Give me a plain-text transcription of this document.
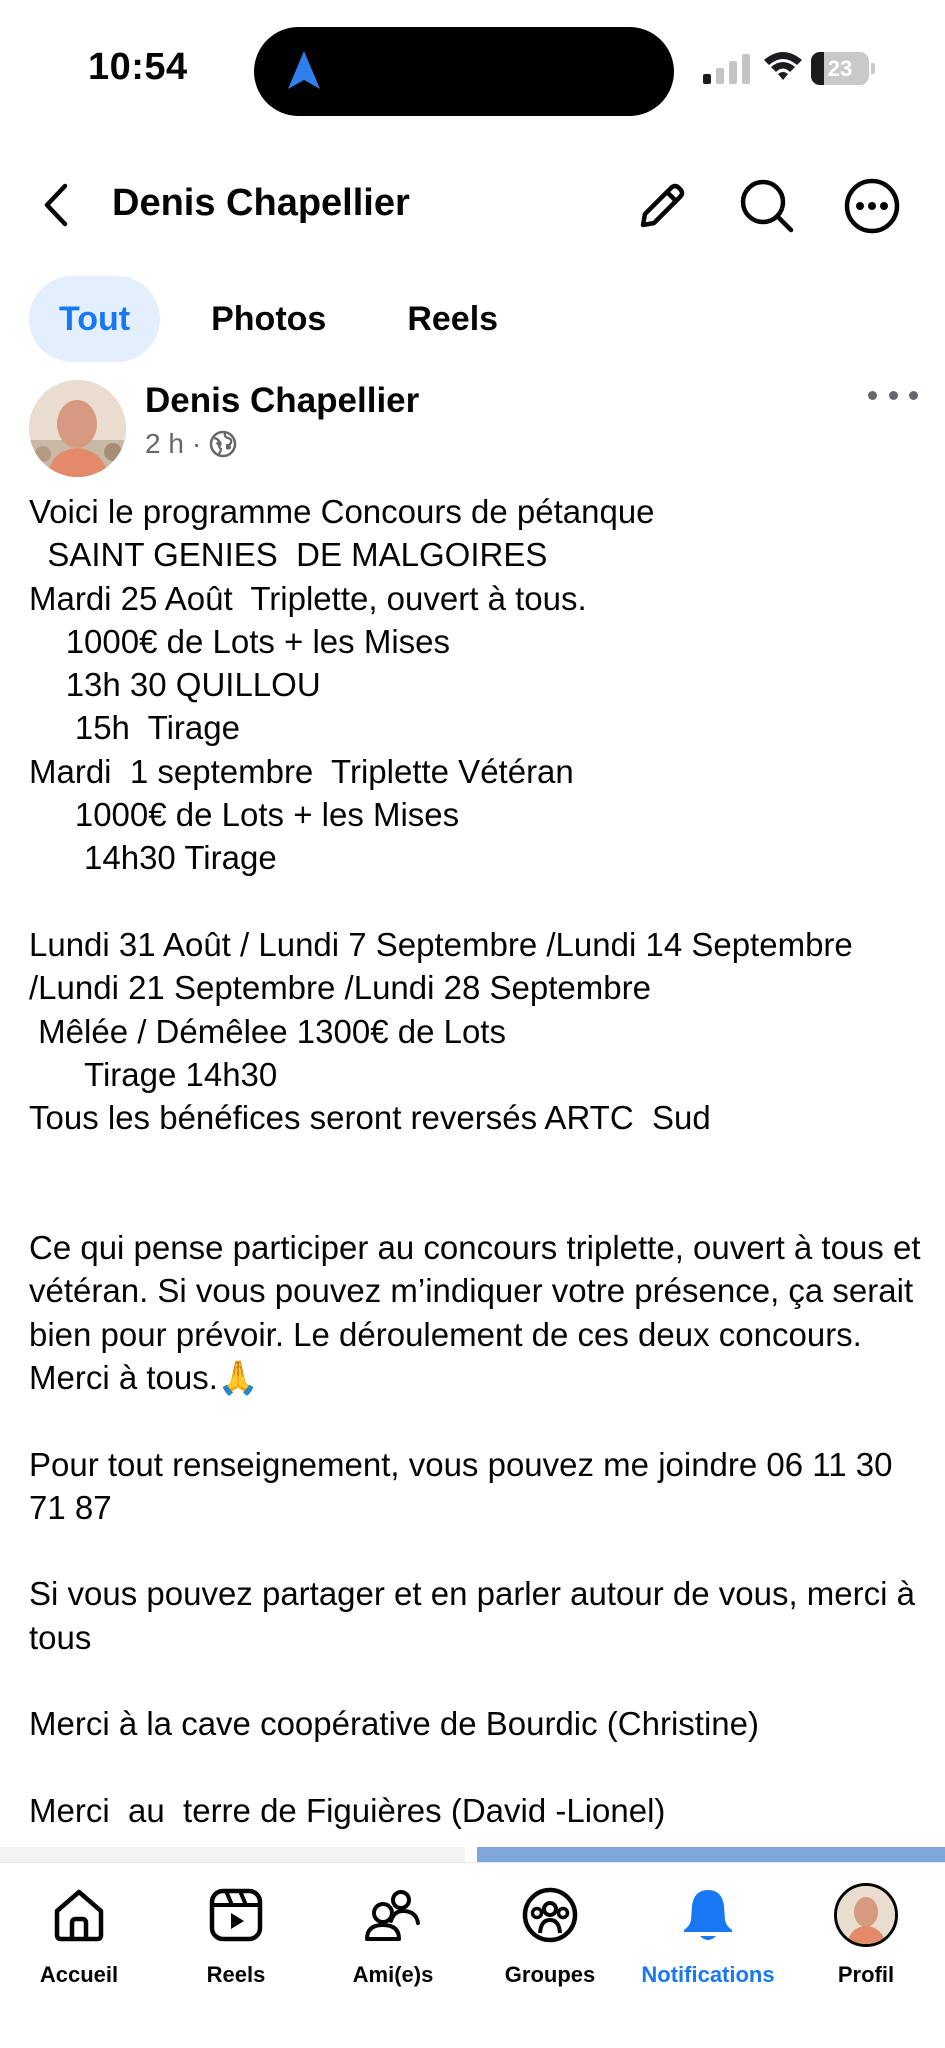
10:54	23
Denis Chapellier
Tout	Photos	Reels
Denis Chapellier
2 h ·
Voici le programme Concours de pétanque
SAINT GENIES  DE MALGOIRES
Mardi 25 Août  Triplette, ouvert à tous.
1000€ de Lots + les Mises
13h 30 QUILLOU
15h  Tirage
Mardi  1 septembre  Triplette Vétéran
1000€ de Lots + les Mises
14h30 Tirage

Lundi 31 Août / Lundi 7 Septembre /Lundi 14 Septembre /Lundi 21 Septembre /Lundi 28 Septembre
Mêlée / Démêlee 1300€ de Lots
Tirage 14h30
Tous les bénéfices seront reversés ARTC  Sud

Ce qui pense participer au concours triplette, ouvert à tous et vétéran. Si vous pouvez m’indiquer votre présence, ça serait bien pour prévoir. Le déroulement de ces deux concours. Merci à tous.🙏

Pour tout renseignement, vous pouvez me joindre 06 11 30 71 87

Si vous pouvez partager et en parler autour de vous, merci à tous

Merci à la cave coopérative de Bourdic (Christine)

Merci  au  terre de Figuières (David -Lionel)
Accueil	Reels	Ami(e)s	Groupes	Notifications	Profil
